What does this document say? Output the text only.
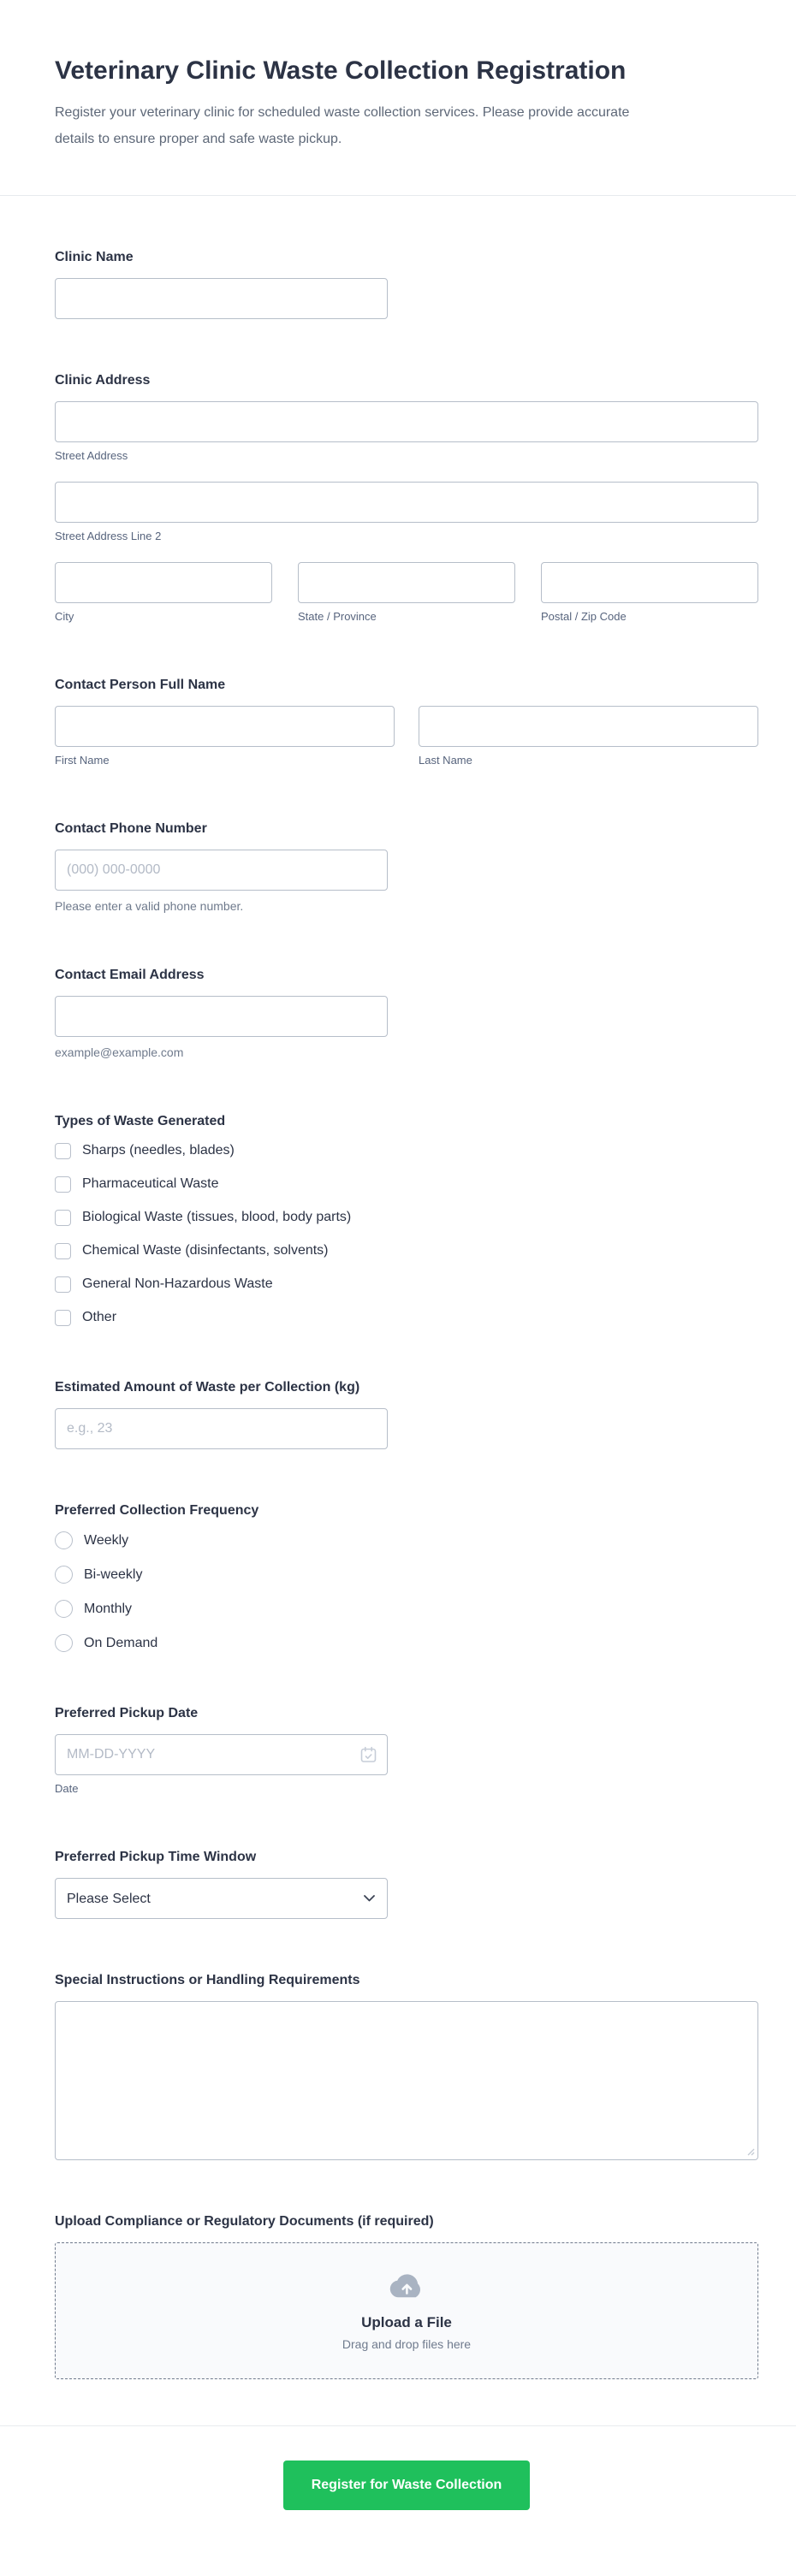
Veterinary Clinic Waste Collection Registration

Register your veterinary clinic for scheduled waste collection services. Please provide accurate details to ensure proper and safe waste pickup.

Clinic Name
Clinic Address
Street Address
Street Address Line 2
City	State / Province	Postal / Zip Code
Contact Person Full Name
First Name	Last Name
Contact Phone Number
(000) 000-0000
Please enter a valid phone number.
Contact Email Address
example@example.com
Types of Waste Generated
Sharps (needles, blades)
Pharmaceutical Waste
Biological Waste (tissues, blood, body parts)
Chemical Waste (disinfectants, solvents)
General Non-Hazardous Waste
Other
Estimated Amount of Waste per Collection (kg)
e.g., 23
Preferred Collection Frequency
Weekly
Bi-weekly
Monthly
On Demand
Preferred Pickup Date
MM-DD-YYYY
Date
Preferred Pickup Time Window
Please Select
Special Instructions or Handling Requirements
Upload Compliance or Regulatory Documents (if required)
Upload a File
Drag and drop files here
Register for Waste Collection
